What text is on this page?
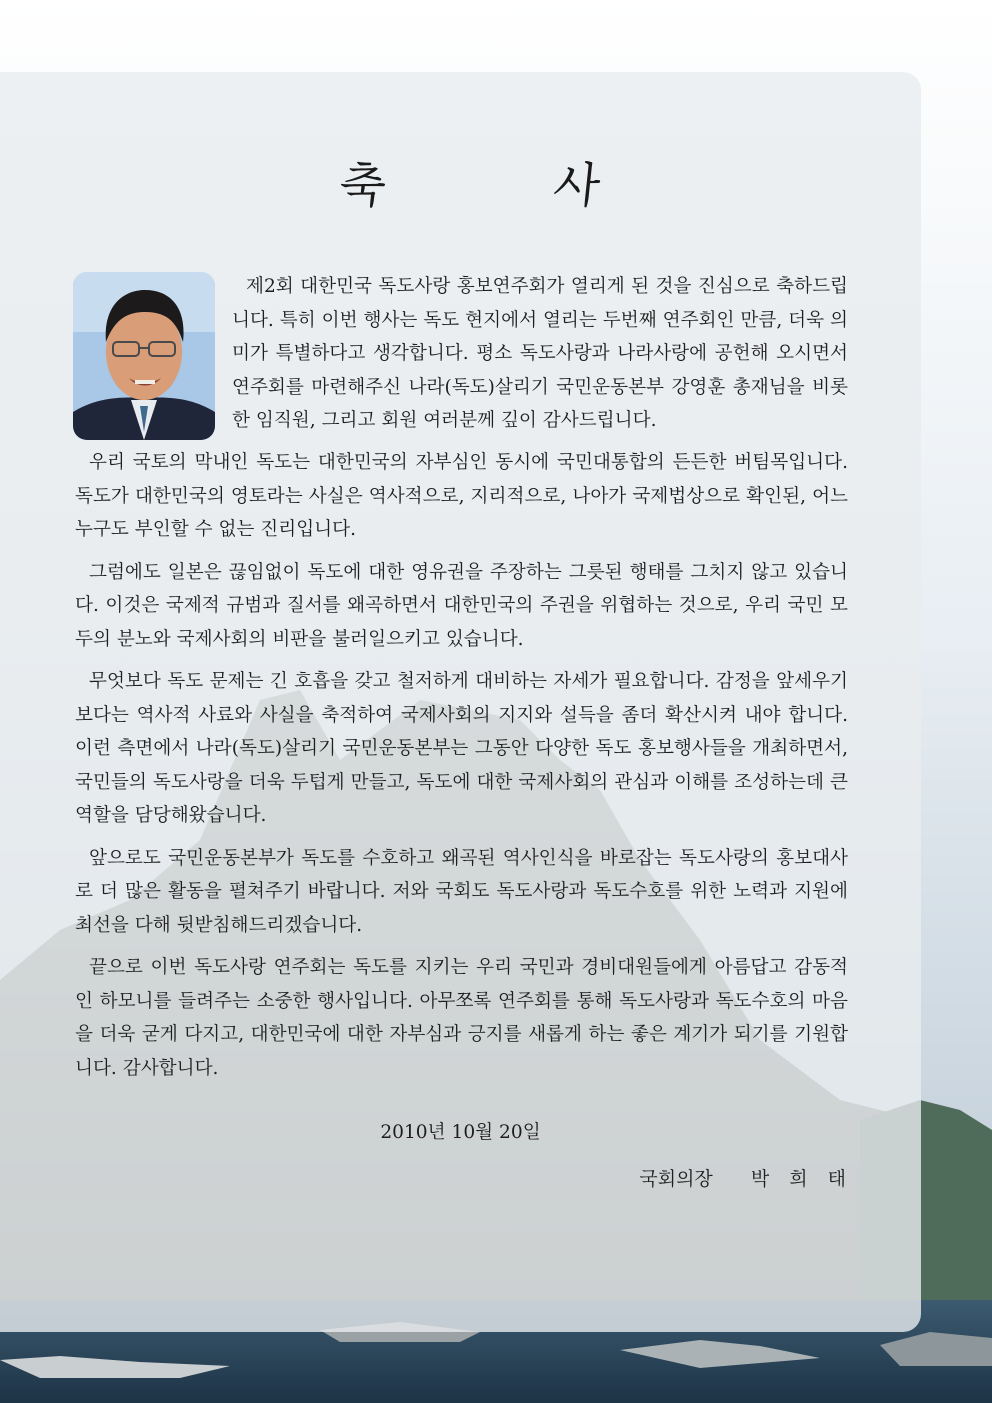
축	사
제2회 대한민국 독도사랑 홍보연주회가 열리게 된 것을 진심으로 축하드립니다. 특히 이번 행사는 독도 현지에서 열리는 두번째 연주회인 만큼, 더욱 의미가 특별하다고 생각합니다. 평소 독도사랑과 나라사랑에 공헌해 오시면서 연주회를 마련해주신 나라(독도)살리기 국민운동본부 강영훈 총재님을 비롯한 임직원, 그리고 회원 여러분께 깊이 감사드립니다.

우리 국토의 막내인 독도는 대한민국의 자부심인 동시에 국민대통합의 든든한 버팀목입니다. 독도가 대한민국의 영토라는 사실은 역사적으로, 지리적으로, 나아가 국제법상으로 확인된, 어느 누구도 부인할 수 없는 진리입니다.

그럼에도 일본은 끊임없이 독도에 대한 영유권을 주장하는 그릇된 행태를 그치지 않고 있습니다. 이것은 국제적 규범과 질서를 왜곡하면서 대한민국의 주권을 위협하는 것으로, 우리 국민 모두의 분노와 국제사회의 비판을 불러일으키고 있습니다.

무엇보다 독도 문제는 긴 호흡을 갖고 철저하게 대비하는 자세가 필요합니다. 감정을 앞세우기보다는 역사적 사료와 사실을 축적하여 국제사회의 지지와 설득을 좀더 확산시켜 내야 합니다. 이런 측면에서 나라(독도)살리기 국민운동본부는 그동안 다양한 독도 홍보행사들을 개최하면서, 국민들의 독도사랑을 더욱 두텁게 만들고, 독도에 대한 국제사회의 관심과 이해를 조성하는데 큰 역할을 담당해왔습니다.

앞으로도 국민운동본부가 독도를 수호하고 왜곡된 역사인식을 바로잡는 독도사랑의 홍보대사로 더 많은 활동을 펼쳐주기 바랍니다. 저와 국회도 독도사랑과 독도수호를 위한 노력과 지원에 최선을 다해 뒷받침해드리겠습니다.

끝으로 이번 독도사랑 연주회는 독도를 지키는 우리 국민과 경비대원들에게 아름답고 감동적인 하모니를 들려주는 소중한 행사입니다. 아무쪼록 연주회를 통해 독도사랑과 독도수호의 마음을 더욱 굳게 다지고, 대한민국에 대한 자부심과 긍지를 새롭게 하는 좋은 계기가 되기를 기원합니다. 감사합니다.

2010년 10월 20일
국회의장 박 희 태
